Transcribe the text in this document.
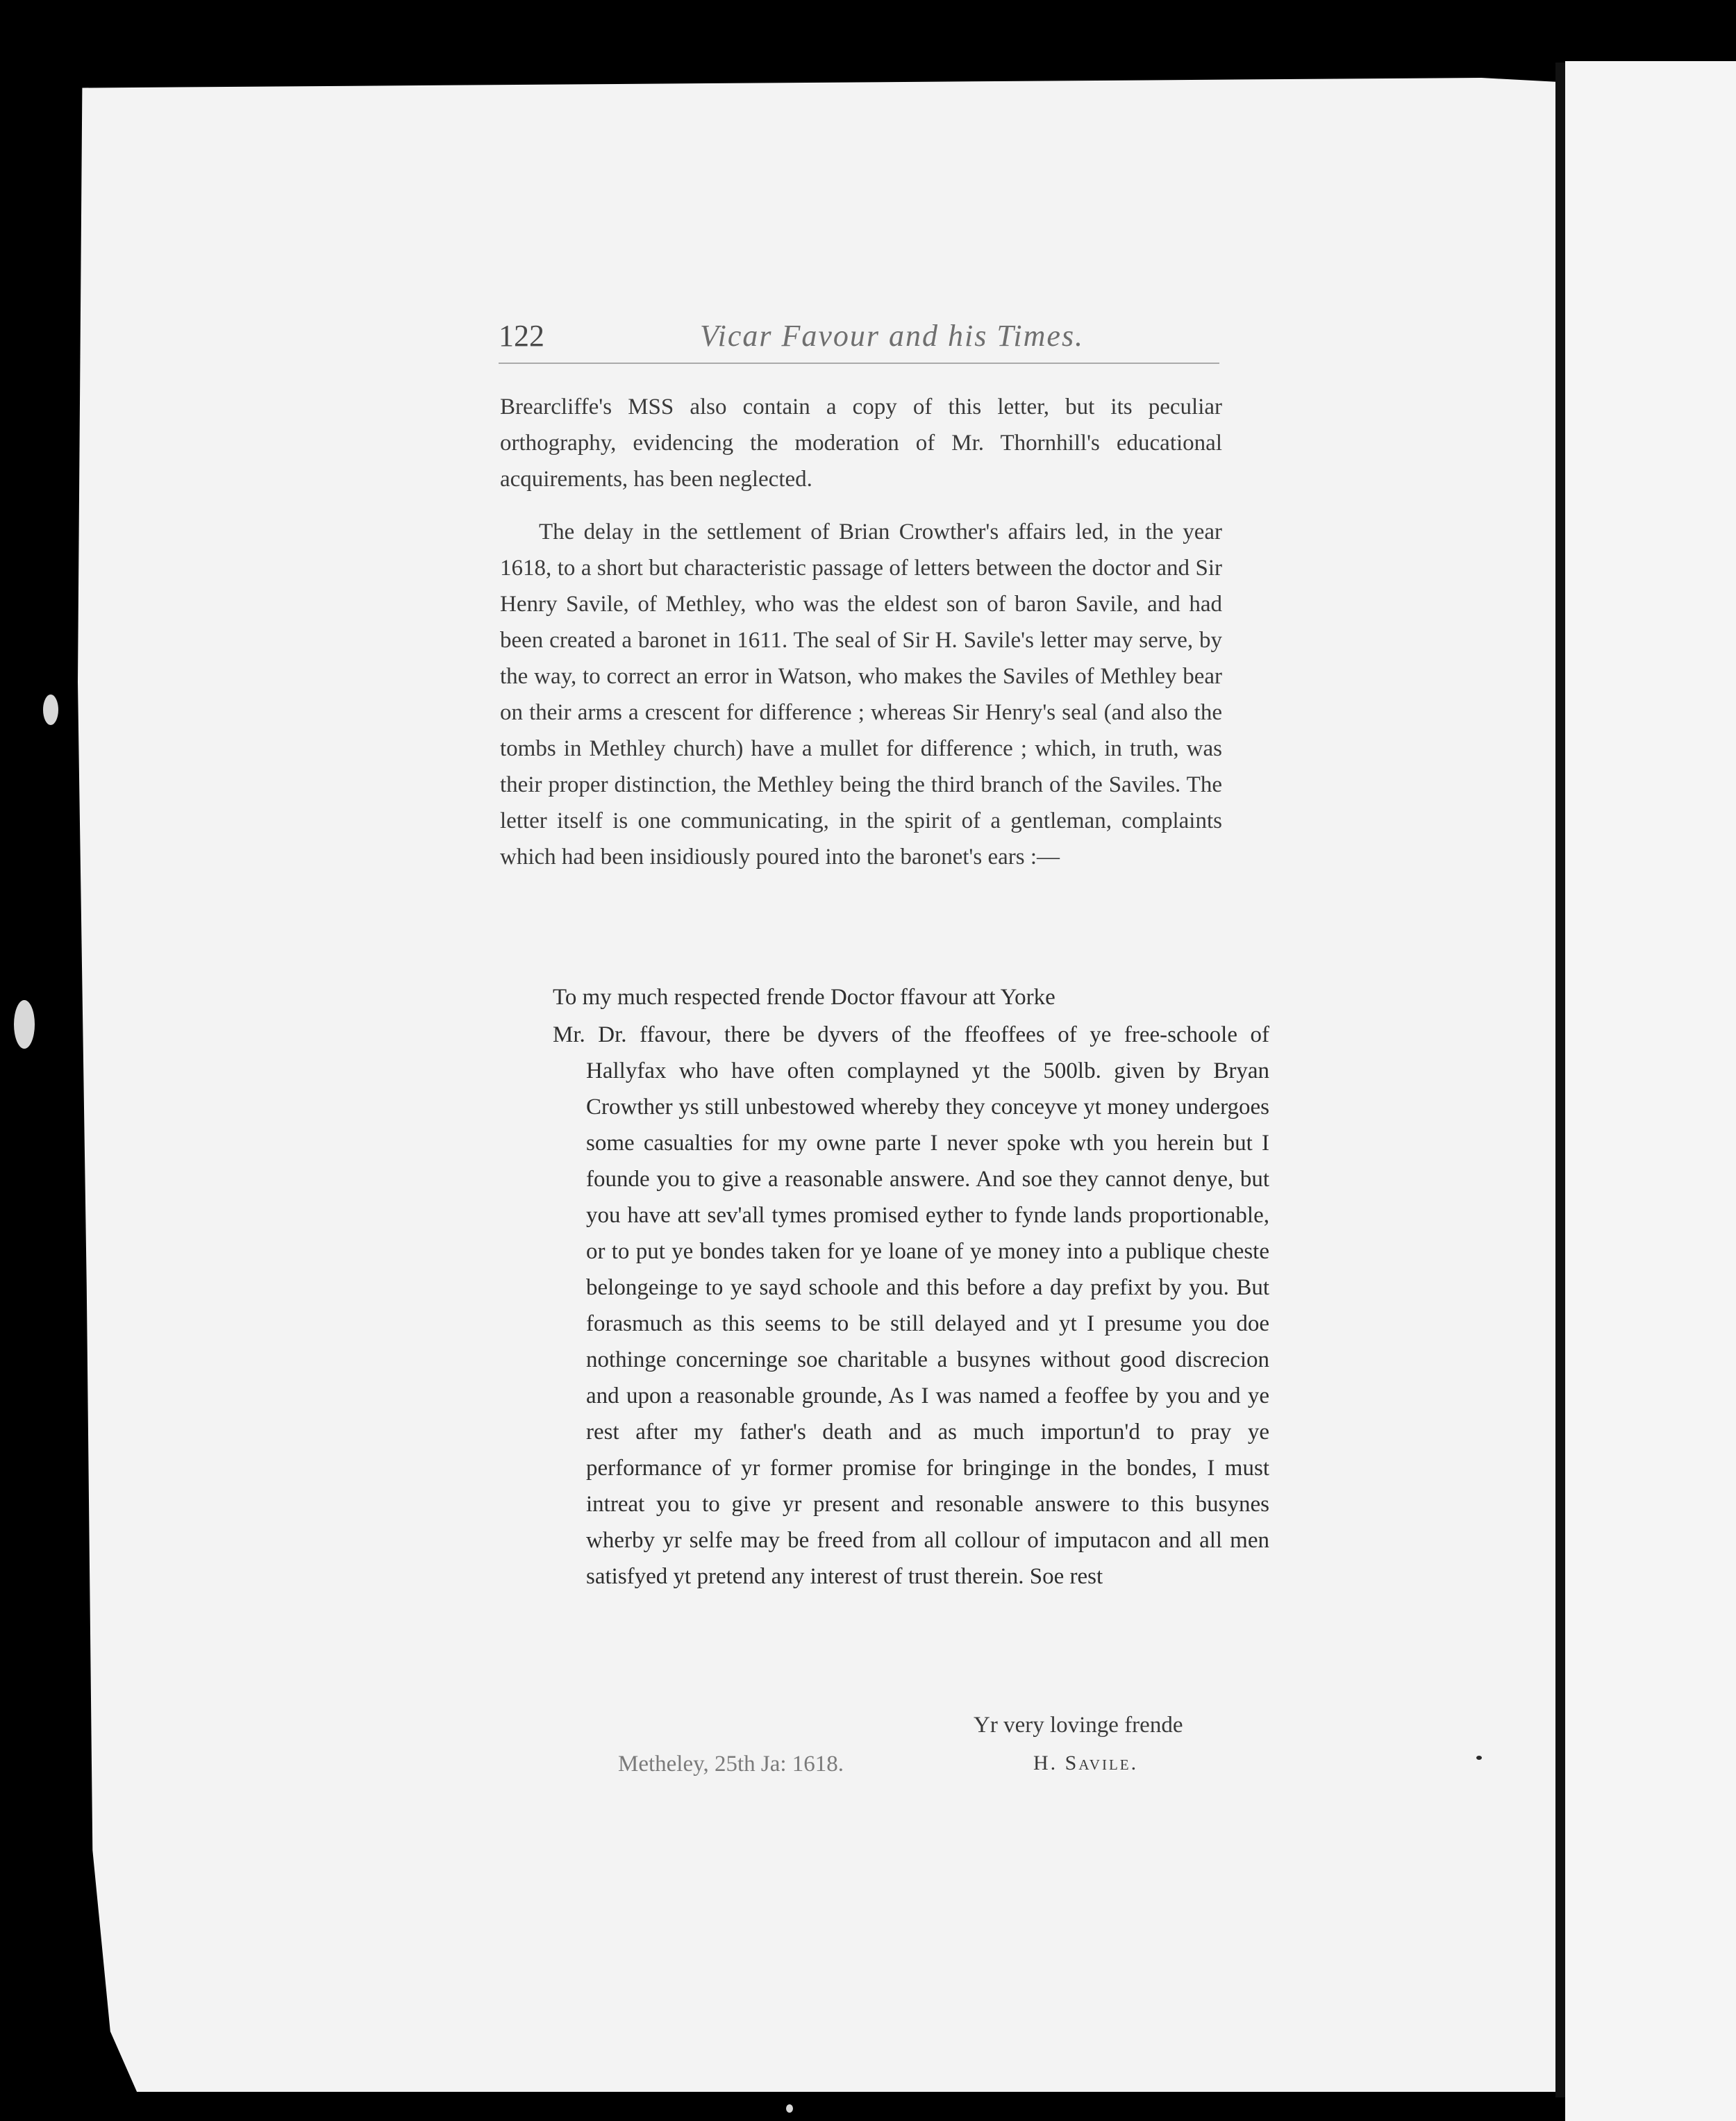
122	Vicar Favour and his Times.

Brearcliffe's MSS also contain a copy of this letter, but its peculiar orthography, evidencing the moderation of Mr. Thornhill's educational acquirements, has been neglected.

The delay in the settlement of Brian Crowther's affairs led, in the year 1618, to a short but characteristic passage of letters between the doctor and Sir Henry Savile, of Methley, who was the eldest son of baron Savile, and had been created a baronet in 1611. The seal of Sir H. Savile's letter may serve, by the way, to correct an error in Watson, who makes the Saviles of Methley bear on their arms a crescent for difference ; whereas Sir Henry's seal (and also the tombs in Methley church) have a mullet for difference ; which, in truth, was their proper distinction, the Methley being the third branch of the Saviles. The letter itself is one communicating, in the spirit of a gentleman, complaints which had been insidiously poured into the baronet's ears :—

To my much respected frende Doctor ffavour att Yorke

Mr. Dr. ffavour, there be dyvers of the ffeoffees of ye free-schoole of Hallyfax who have often complayned yt the 500lb. given by Bryan Crowther ys still unbestowed whereby they conceyve yt money undergoes some casualties for my owne parte I never spoke wth you herein but I founde you to give a reasonable answere. And soe they cannot denye, but you have att sev'all tymes promised eyther to fynde lands proportionable, or to put ye bondes taken for ye loane of ye money into a publique cheste belongeinge to ye sayd schoole and this before a day prefixt by you. But forasmuch as this seems to be still delayed and yt I presume you doe nothinge concerninge soe charitable a busynes without good discrecion and upon a reasonable grounde, As I was named a feoffee by you and ye rest after my father's death and as much importun'd to pray ye performance of yr former promise for bringinge in the bondes, I must intreat you to give yr present and resonable answere to this busynes wherby yr selfe may be freed from all collour of imputacon and all men satisfyed yt pretend any interest of trust therein. Soe rest

Yr very lovinge frende
Metheley, 25th Ja: 1618.	H. Savile.
